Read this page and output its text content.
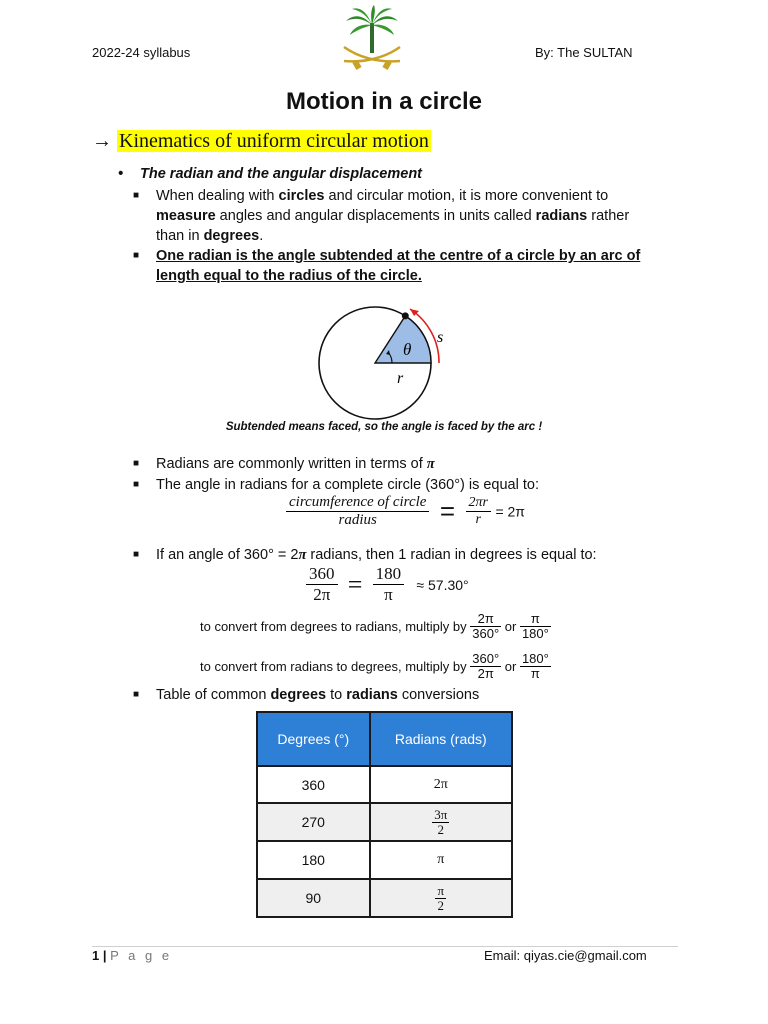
2022-24 syllabus	By: The SULTAN
Motion in a circle
→ Kinematics of uniform circular motion
• The radian and the angular displacement
■ When dealing with circles and circular motion, it is more convenient to
measure angles and angular displacements in units called radians rather
than in degrees.
■ One radian is the angle subtended at the centre of a circle by an arc of
length equal to the radius of the circle.
θ
r
s
Subtended means faced, so the angle is faced by the arc !
■ Radians are commonly written in terms of π
■ The angle in radians for a complete circle (360°) is equal to:
$\frac{\text{circumference of circle}}{\text{radius}} = \frac{2\pi r}{r} = 2\pi$
■ If an angle of 360° = 2π radians, then 1 radian in degrees is equal to:
$\frac{360}{2\pi} = \frac{180}{\pi} \approx 57.30^\circ$
to convert from degrees to radians, multiply by $\frac{2\pi}{360^\circ}$ or $\frac{\pi}{180^\circ}$
to convert from radians to degrees, multiply by $\frac{360^\circ}{2\pi}$ or $\frac{180^\circ}{\pi}$
■ Table of common degrees to radians conversions
Degrees (°)	Radians (rads)
360	2π
270	$\frac{3\pi}{2}$

180	π
90	$\frac{\pi}{2}$
1 | P a g e	Email: qiyas.cie@gmail.com
